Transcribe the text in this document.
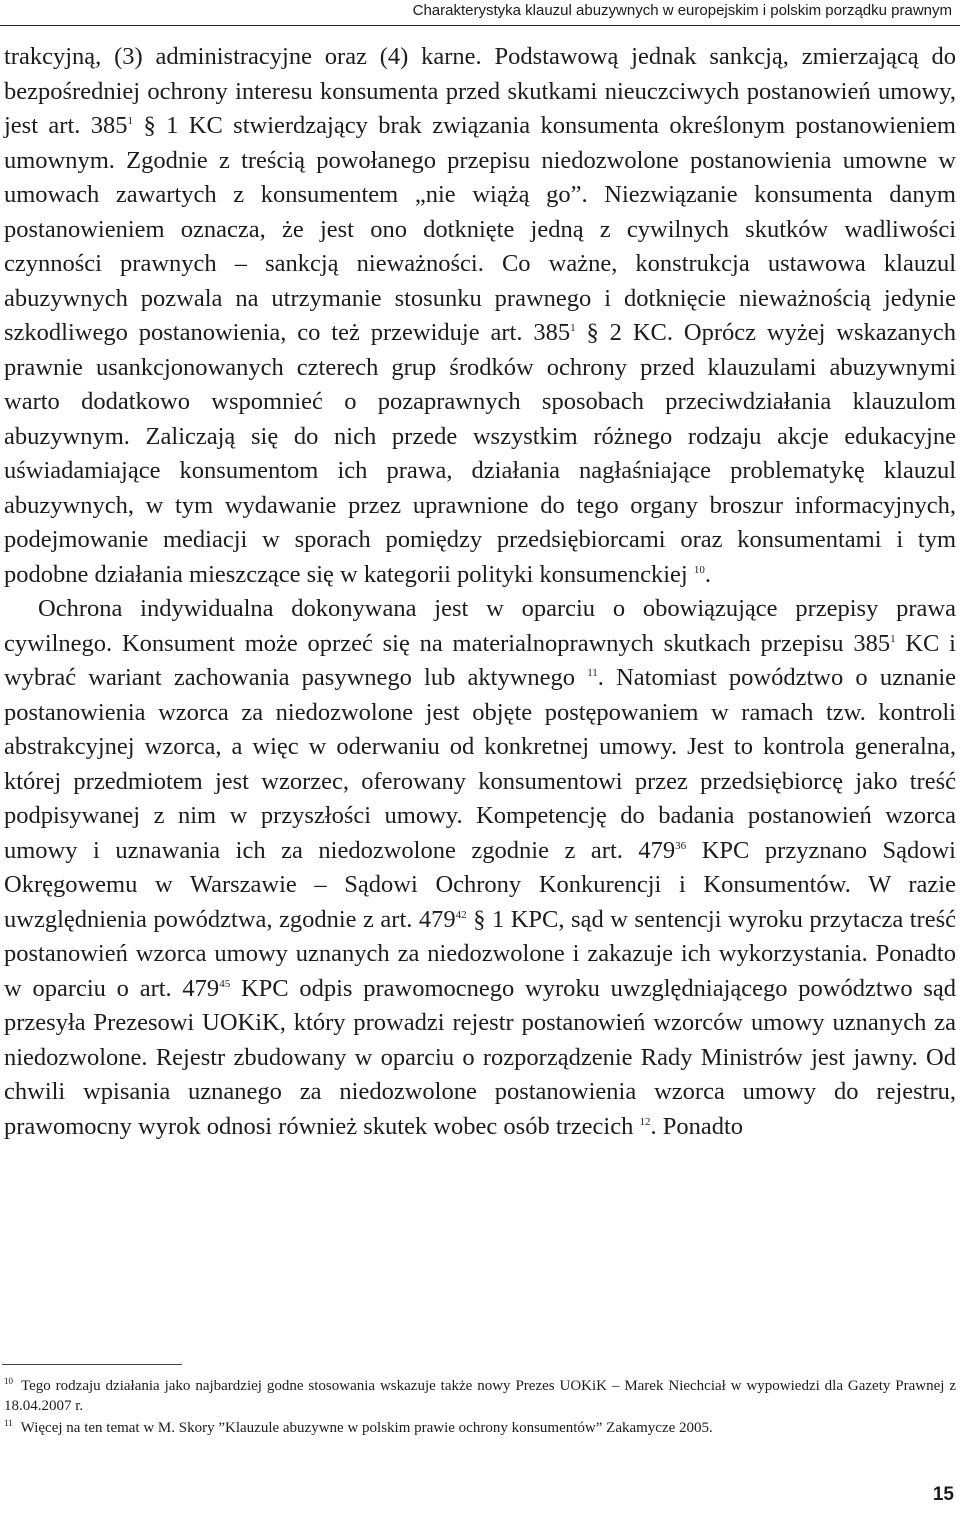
Charakterystyka klauzul abuzywnych w europejskim i polskim porządku prawnym

trakcyjną, (3) administracyjne oraz (4) karne. Podstawową jednak sankcją, zmierzającą do bezpośredniej ochrony interesu konsumenta przed skutkami nieuczciwych postanowień umowy, jest art. $385^1$ § 1 KC stwierdzający brak związania konsumenta określonym postanowieniem umownym. Zgodnie z treścią powołanego przepisu niedozwolone postanowienia umowne w umowach zawartych z konsumentem „nie wiążą go”. Niezwiązanie konsumenta danym postanowieniem oznacza, że jest ono dotknięte jedną z cywilnych skutków wadliwości czynności prawnych – sankcją nieważności. Co ważne, konstrukcja ustawowa klauzul abuzywnych pozwala na utrzymanie stosunku prawnego i dotknięcie nieważnością jedynie szkodliwego postanowienia, co też przewiduje art. $385^1$ § 2 KC. Oprócz wyżej wskazanych prawnie usankcjonowanych czterech grup środków ochrony przed klauzulami abuzywnymi warto dodatkowo wspomnieć o pozaprawnych sposobach przeciwdziałania klauzulom abuzywnym. Zaliczają się do nich przede wszystkim różnego rodzaju akcje edukacyjne uświadamiające konsumentom ich prawa, działania nagłaśniające problematykę klauzul abuzywnych, w tym wydawanie przez uprawnione do tego organy broszur informacyjnych, podejmowanie mediacji w sporach pomiędzy przedsiębiorcami oraz konsumentami i tym podobne działania mieszczące się w kategorii polityki konsumenckiej $^{10}$.

Ochrona indywidualna dokonywana jest w oparciu o obowiązujące przepisy prawa cywilnego. Konsument może oprzeć się na materialnoprawnych skutkach przepisu $385^1$ KC i wybrać wariant zachowania pasywnego lub aktywnego $^{11}$. Natomiast powództwo o uznanie postanowienia wzorca za niedozwolone jest objęte postępowaniem w ramach tzw. kontroli abstrakcyjnej wzorca, a więc w oderwaniu od konkretnej umowy. Jest to kontrola generalna, której przedmiotem jest wzorzec, oferowany konsumentowi przez przedsiębiorcę jako treść podpisywanej z nim w przyszłości umowy. Kompetencję do badania postanowień wzorca umowy i uznawania ich za niedozwolone zgodnie z art. $479^{36}$ KPC przyznano Sądowi Okręgowemu w Warszawie – Sądowi Ochrony Konkurencji i Konsumentów. W razie uwzględnienia powództwa, zgodnie z art. $479^{42}$ § 1 KPC, sąd w sentencji wyroku przytacza treść postanowień wzorca umowy uznanych za niedozwolone i zakazuje ich wykorzystania. Ponadto w oparciu o art. $479^{45}$ KPC odpis prawomocnego wyroku uwzględniającego powództwo sąd przesyła Prezesowi UOKiK, który prowadzi rejestr postanowień wzorców umowy uznanych za niedozwolone. Rejestr zbudowany w oparciu o rozporządzenie Rady Ministrów jest jawny. Od chwili wpisania uznanego za niedozwolone postanowienia wzorca umowy do rejestru, prawomocny wyrok odnosi również skutek wobec osób trzecich $^{12}$. Ponadto

$^{10}$ Tego rodzaju działania jako najbardziej godne stosowania wskazuje także nowy Prezes UOKiK – Marek Niechciał w wypowiedzi dla Gazety Prawnej z 18.04.2007 r.

$^{11}$ Więcej na ten temat w M. Skory ”Klauzule abuzywne w polskim prawie ochrony konsumentów” Zakamycze 2005.

15
